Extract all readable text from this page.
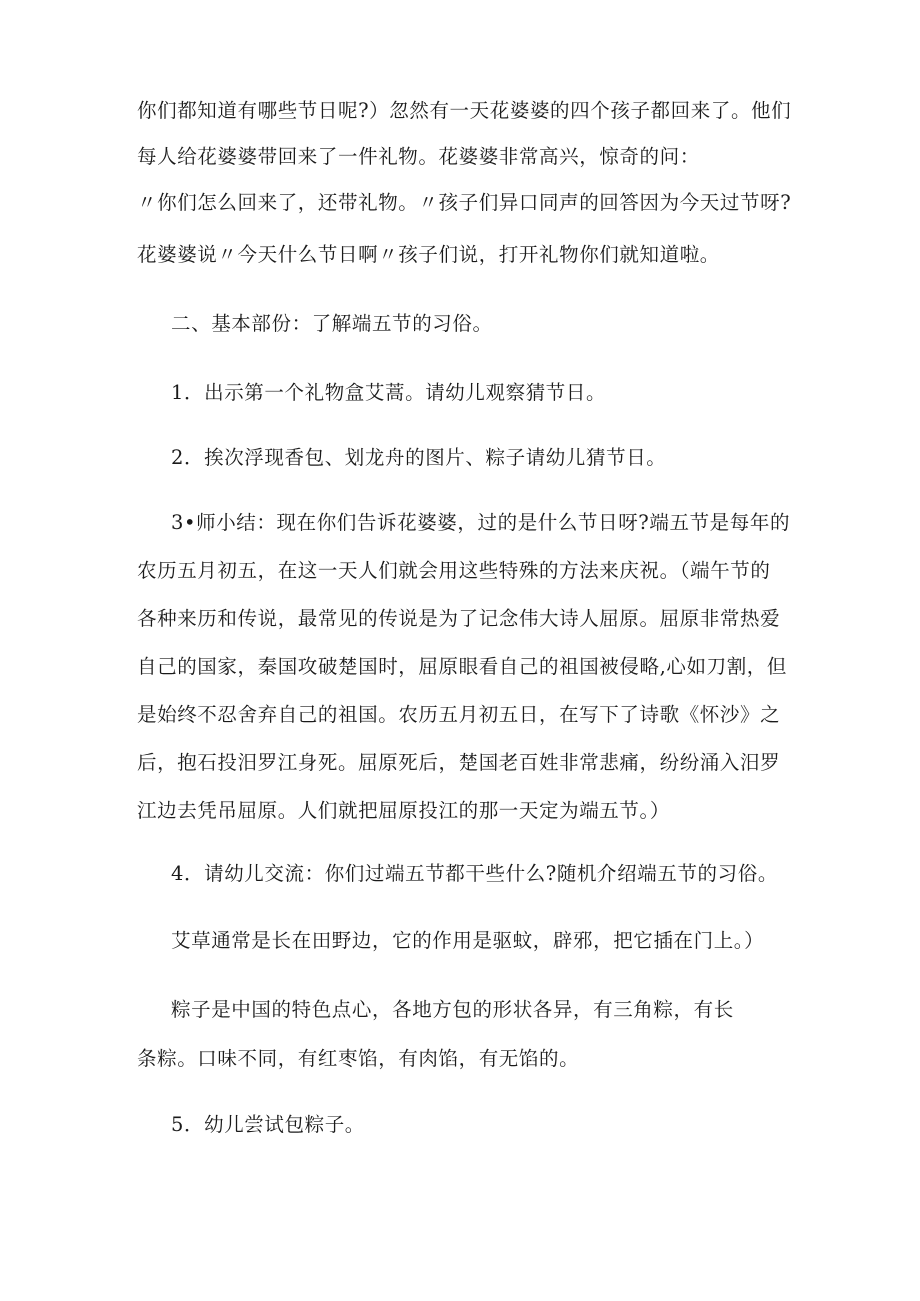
你们都知道有哪些节日呢?）忽然有一天花婆婆的四个孩子都回来了。他们
每人给花婆婆带回来了一件礼物。花婆婆非常高兴，惊奇的问：
〃你们怎么回来了，还带礼物。〃孩子们异口同声的回答因为今天过节呀?
花婆婆说〃今天什么节日啊〃孩子们说，打开礼物你们就知道啦。
二、基本部份：了解端五节的习俗。
1．出示第一个礼物盒艾蒿。请幼儿观察猜节日。
2．挨次浮现香包、划龙舟的图片、粽子请幼儿猜节日。
3•师小结：现在你们告诉花婆婆，过的是什么节日呀?端五节是每年的
农历五月初五，在这一天人们就会用这些特殊的方法来庆祝。（端午节的
各种来历和传说，最常见的传说是为了记念伟大诗人屈原。屈原非常热爱
自己的国家，秦国攻破楚国时，屈原眼看自己的祖国被侵略,心如刀割，但
是始终不忍舍弃自己的祖国。农历五月初五日，在写下了诗歌《怀沙》之
后，抱石投汨罗江身死。屈原死后，楚国老百姓非常悲痛，纷纷涌入汨罗
江边去凭吊屈原。人们就把屈原投江的那一天定为端五节。）
4．请幼儿交流：你们过端五节都干些什么?随机介绍端五节的习俗。
艾草通常是长在田野边，它的作用是驱蚊，辟邪，把它插在门上。）
粽子是中国的特色点心，各地方包的形状各异，有三角粽，有长
条粽。口味不同，有红枣馅，有肉馅，有无馅的。
5．幼儿尝试包粽子。
